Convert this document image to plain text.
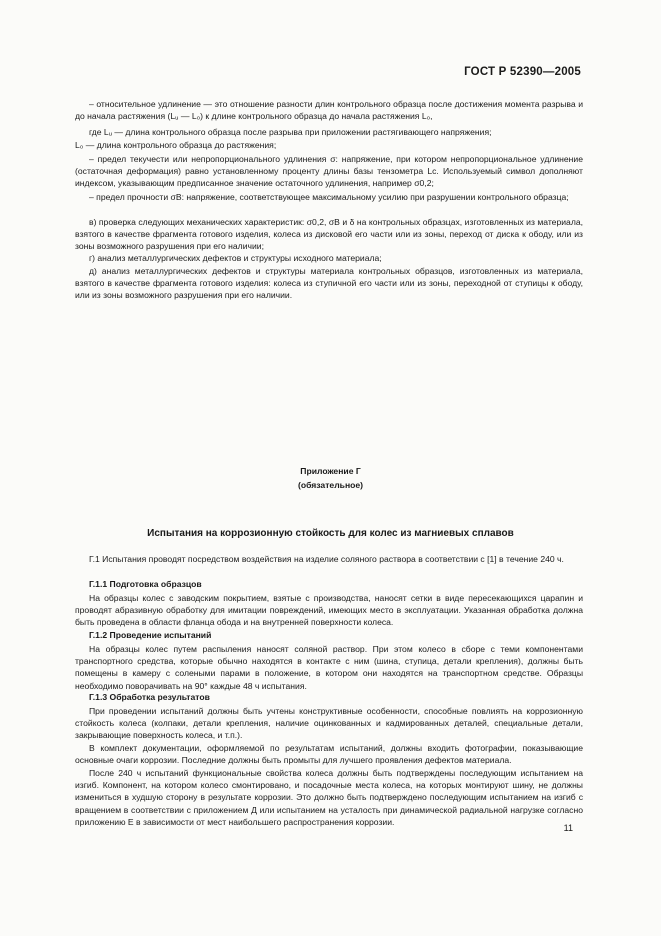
ГОСТ Р 52390—2005
– относительное удлинение — это отношение разности длин контрольного образца после достижения момента разрыва и до начала растяжения (Lᵤ — L₀) к длине контрольного образца до начала растяжения L₀,
где Lᵤ — длина контрольного образца после разрыва при приложении растягивающего напряжения;
L₀ — длина контрольного образца до растяжения;
– предел текучести или непропорционального удлинения σ: напряжение, при котором непропорциональное удлинение (остаточная деформация) равно установленному проценту длины базы тензометра Lᴄ. Используемый символ дополняют индексом, указывающим предписанное значение остаточного удлинения, например σ0,2;
– предел прочности σB: напряжение, соответствующее максимальному усилию при разрушении контрольного образца;
в) проверка следующих механических характеристик: σ0,2, σB и δ на контрольных образцах, изготовленных из материала, взятого в качестве фрагмента готового изделия, колеса из дисковой его части или из зоны, переход от диска к ободу, или из зоны возможного разрушения при его наличии;
г) анализ металлургических дефектов и структуры исходного материала;
д) анализ металлургических дефектов и структуры материала контрольных образцов, изготовленных из материала, взятого в качестве фрагмента готового изделия: колеса из ступичной его части или из зоны, переходной от ступицы к ободу, или из зоны возможного разрушения при его наличии.
Приложение Г
(обязательное)
Испытания на коррозионную стойкость для колес из магниевых сплавов
Г.1 Испытания проводят посредством воздействия на изделие соляного раствора в соответствии с [1] в течение 240 ч.
Г.1.1 Подготовка образцов
На образцы колес с заводским покрытием, взятые с производства, наносят сетки в виде пересекающихся царапин и проводят абразивную обработку для имитации повреждений, имеющих место в эксплуатации. Указанная обработка должна быть проведена в области фланца обода и на внутренней поверхности колеса.
Г.1.2 Проведение испытаний
На образцы колес путем распыления наносят соляной раствор. При этом колесо в сборе с теми компонентами транспортного средства, которые обычно находятся в контакте с ним (шина, ступица, детали крепления), должны быть помещены в камеру с солеными парами в положение, в котором они находятся на транспортном средстве. Образцы необходимо поворачивать на 90° каждые 48 ч испытания.
Г.1.3 Обработка результатов
При проведении испытаний должны быть учтены конструктивные особенности, способные повлиять на коррозионную стойкость колеса (колпаки, детали крепления, наличие оцинкованных и кадмированных деталей, специальные детали, закрывающие поверхность колеса, и т.п.).
В комплект документации, оформляемой по результатам испытаний, должны входить фотографии, показывающие основные очаги коррозии. Последние должны быть промыты для лучшего проявления дефектов материала.
После 240 ч испытаний функциональные свойства колеса должны быть подтверждены последующим испытанием на изгиб. Компонент, на котором колесо смонтировано, и посадочные места колеса, на которых монтируют шину, не должны измениться в худшую сторону в результате коррозии. Это должно быть подтверждено последующим испытанием на изгиб с вращением в соответствии с приложением Д или испытанием на усталость при динамической радиальной нагрузке согласно приложению Е в зависимости от мест наибольшего распространения коррозии.
11
